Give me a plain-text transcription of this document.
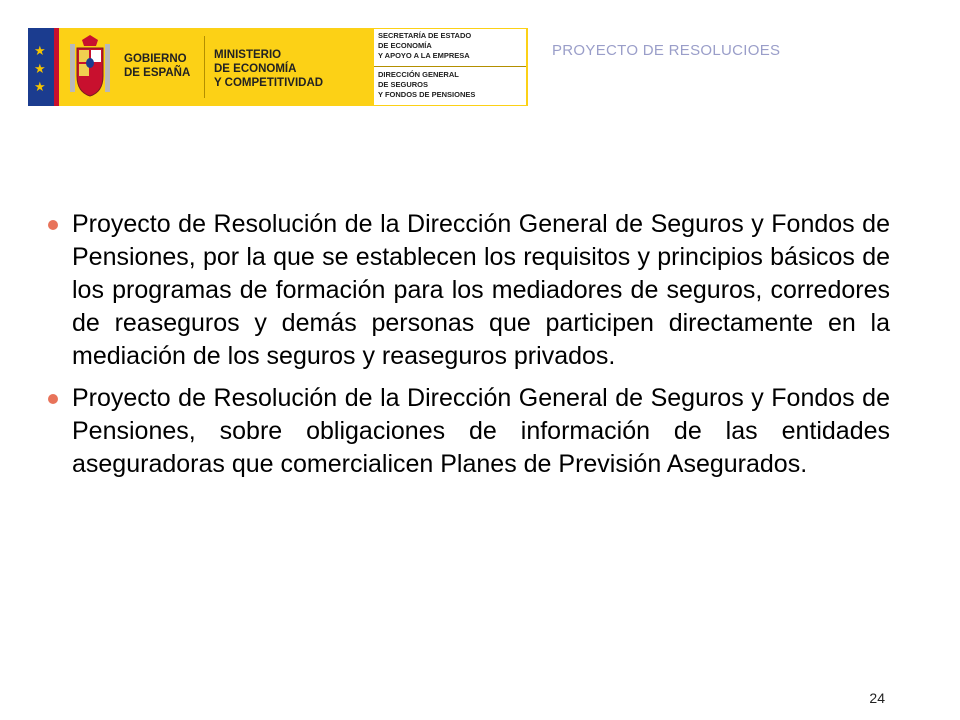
★
★
★
GOBIERNO
DE ESPAÑA
MINISTERIO
DE ECONOMÍA
Y COMPETITIVIDAD
SECRETARÍA DE ESTADO
DE ECONOMÍA
Y APOYO A LA EMPRESA
DIRECCIÓN GENERAL
DE SEGUROS
Y FONDOS DE PENSIONES
PROYECTO DE RESOLUCIOES
Proyecto de Resolución de la Dirección General de Seguros y Fondos de Pensiones, por la que se establecen los requisitos y principios básicos de los programas de formación para los mediadores de seguros, corredores de reaseguros y demás personas que participen directamente en la mediación de los seguros y reaseguros privados.
Proyecto de Resolución de la Dirección General de Seguros y Fondos de Pensiones, sobre obligaciones de información de las entidades aseguradoras que comercialicen Planes de Previsión Asegurados.
24
